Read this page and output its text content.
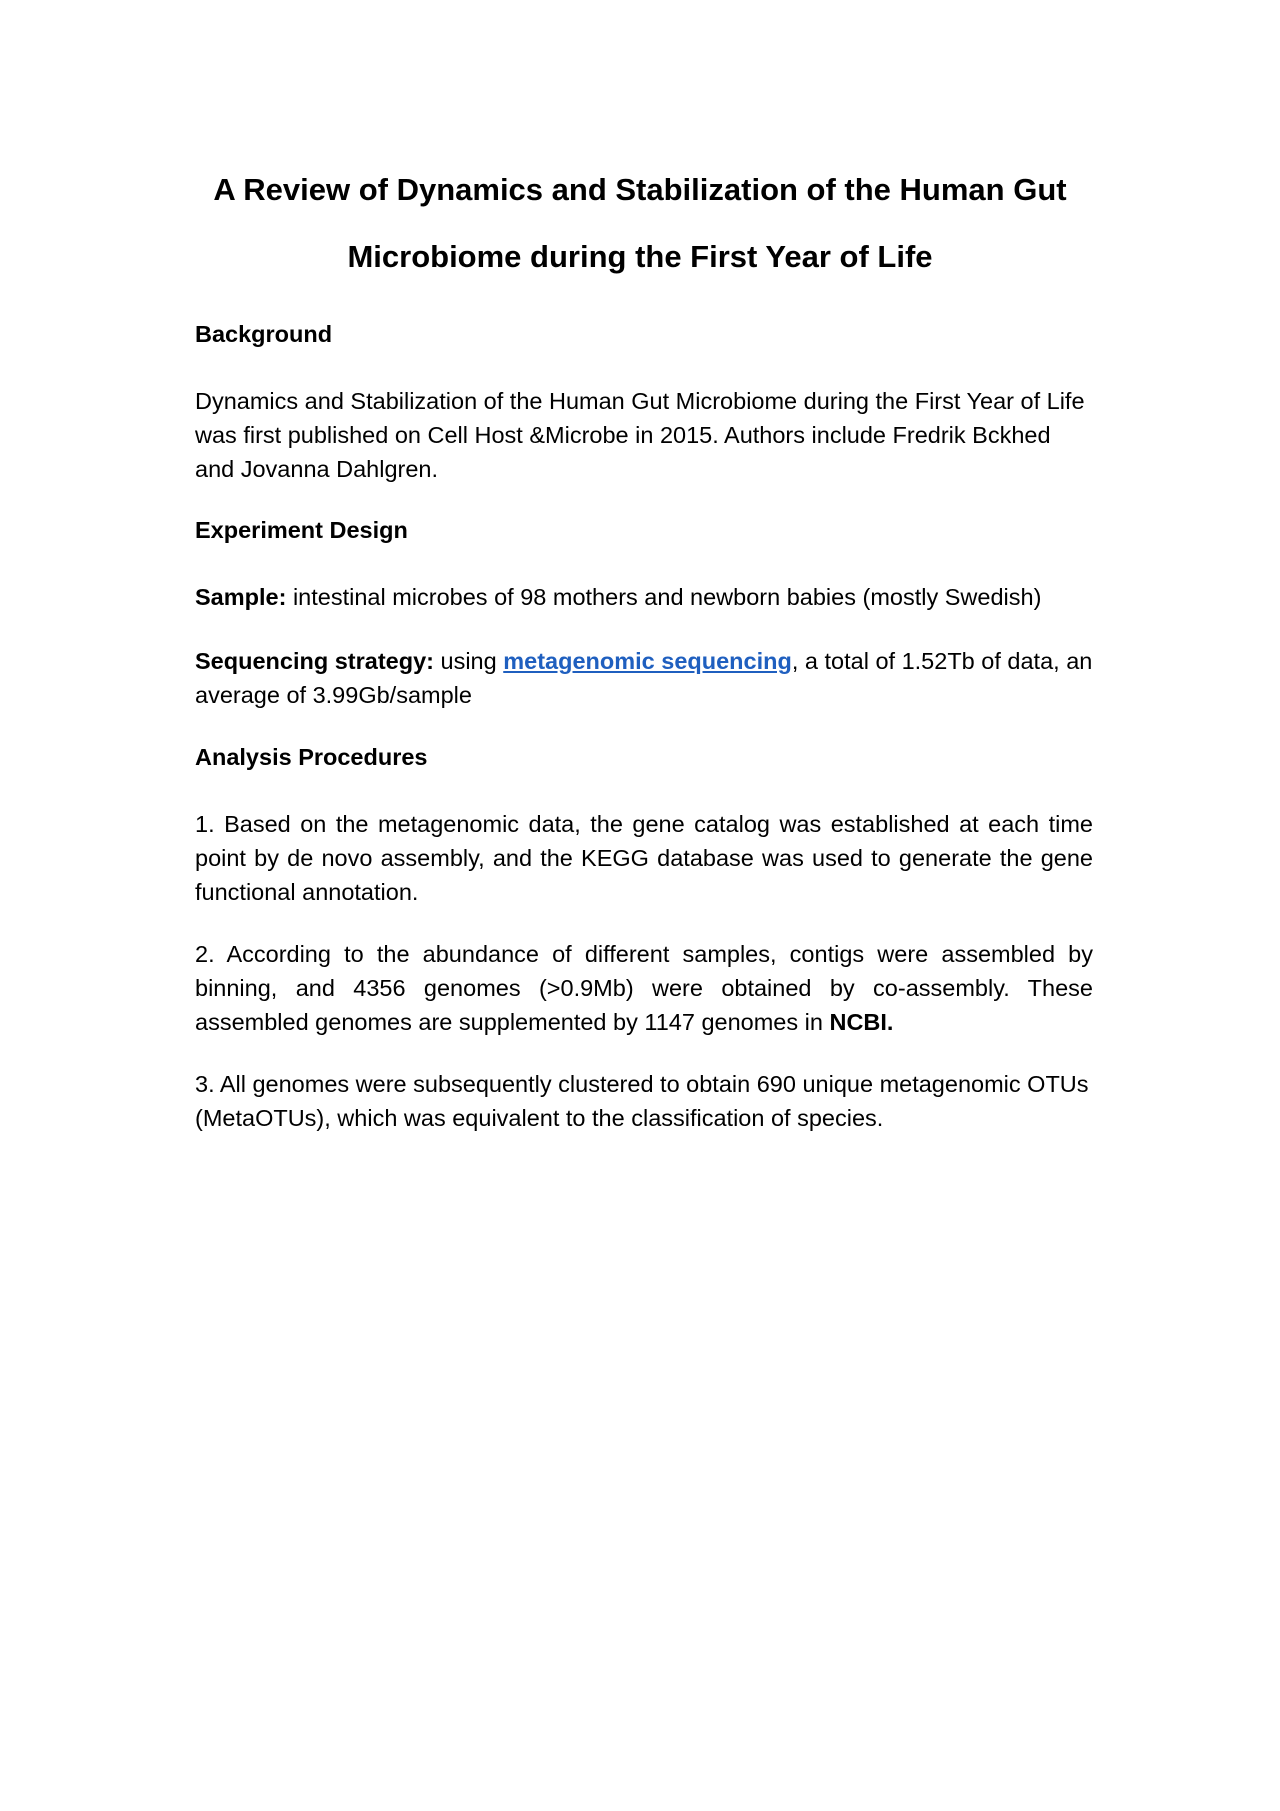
A Review of Dynamics and Stabilization of the Human Gut
Microbiome during the First Year of Life

Background

Dynamics and Stabilization of the Human Gut Microbiome during the First Year of Life was first published on Cell Host &Microbe in 2015. Authors include Fredrik Bckhed and Jovanna Dahlgren.

Experiment Design

Sample: intestinal microbes of 98 mothers and newborn babies (mostly Swedish)

Sequencing strategy: using metagenomic sequencing, a total of 1.52Tb of data, an average of 3.99Gb/sample

Analysis Procedures

1. Based on the metagenomic data, the gene catalog was established at each time point by de novo assembly, and the KEGG database was used to generate the gene functional annotation.

2. According to the abundance of different samples, contigs were assembled by binning, and 4356 genomes (>0.9Mb) were obtained by co-assembly. These assembled genomes are supplemented by 1147 genomes in NCBI.

3. All genomes were subsequently clustered to obtain 690 unique metagenomic OTUs (MetaOTUs), which was equivalent to the classification of species.
